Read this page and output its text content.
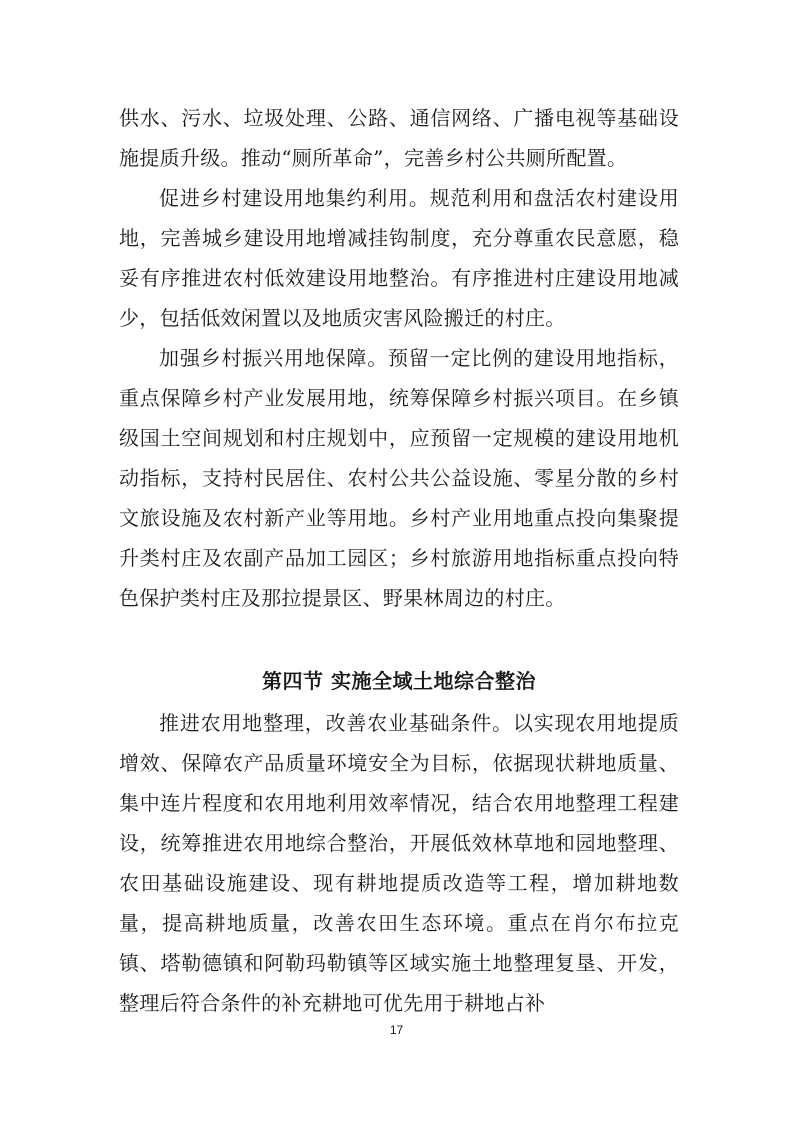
供水、污水、垃圾处理、公路、通信网络、广播电视等基础设施提质升级。推动“厕所革命”，完善乡村公共厕所配置。

促进乡村建设用地集约利用。规范利用和盘活农村建设用地，完善城乡建设用地增减挂钩制度，充分尊重农民意愿，稳妥有序推进农村低效建设用地整治。有序推进村庄建设用地减少，包括低效闲置以及地质灾害风险搬迁的村庄。

加强乡村振兴用地保障。预留一定比例的建设用地指标，重点保障乡村产业发展用地，统筹保障乡村振兴项目。在乡镇级国土空间规划和村庄规划中，应预留一定规模的建设用地机动指标，支持村民居住、农村公共公益设施、零星分散的乡村文旅设施及农村新产业等用地。乡村产业用地重点投向集聚提升类村庄及农副产品加工园区；乡村旅游用地指标重点投向特色保护类村庄及那拉提景区、野果林周边的村庄。

第四节 实施全域土地综合整治

推进农用地整理，改善农业基础条件。以实现农用地提质增效、保障农产品质量环境安全为目标，依据现状耕地质量、集中连片程度和农用地利用效率情况，结合农用地整理工程建设，统筹推进农用地综合整治，开展低效林草地和园地整理、农田基础设施建设、现有耕地提质改造等工程，增加耕地数量，提高耕地质量，改善农田生态环境。重点在肖尔布拉克镇、塔勒德镇和阿勒玛勒镇等区域实施土地整理复垦、开发，整理后符合条件的补充耕地可优先用于耕地占补

17
